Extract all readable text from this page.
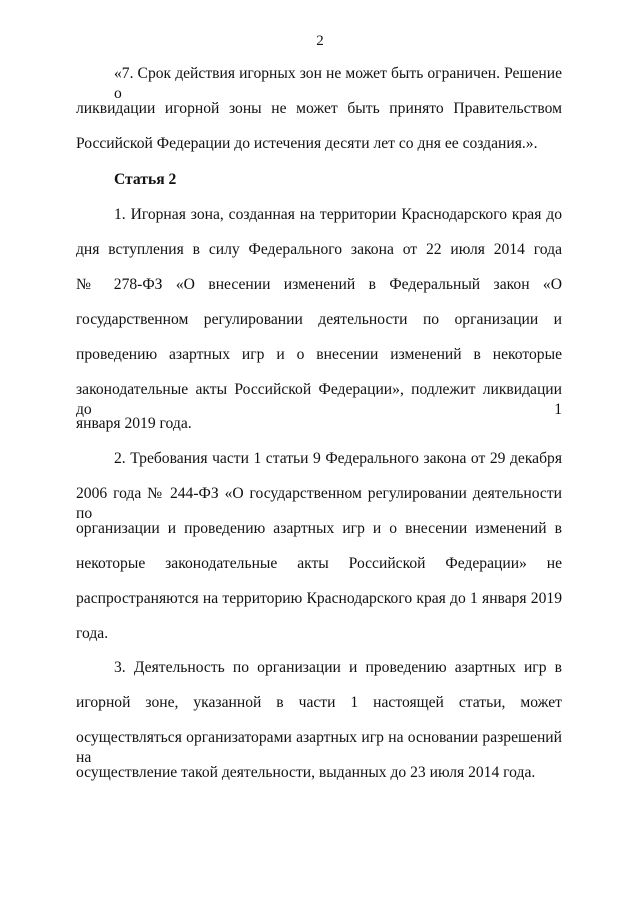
2
«7. Срок действия игорных зон не может быть ограничен. Решение о
ликвидации игорной зоны не может быть принято Правительством
Российской Федерации до истечения десяти лет со дня ее создания.».
Статья 2
1. Игорная зона, созданная на территории Краснодарского края до
дня вступления в силу Федерального закона от 22 июля 2014 года
№ 278-ФЗ «О внесении изменений в Федеральный закон «О
государственном регулировании деятельности по организации и
проведению азартных игр и о внесении изменений в некоторые
законодательные акты Российской Федерации», подлежит ликвидации до 1
января 2019 года.
2. Требования части 1 статьи 9 Федерального закона от 29 декабря
2006 года № 244-ФЗ «О государственном регулировании деятельности по
организации и проведению азартных игр и о внесении изменений в
некоторые законодательные акты Российской Федерации» не
распространяются на территорию Краснодарского края до 1 января 2019
года.
3. Деятельность по организации и проведению азартных игр в
игорной зоне, указанной в части 1 настоящей статьи, может
осуществляться организаторами азартных игр на основании разрешений на
осуществление такой деятельности, выданных до 23 июля 2014 года.
